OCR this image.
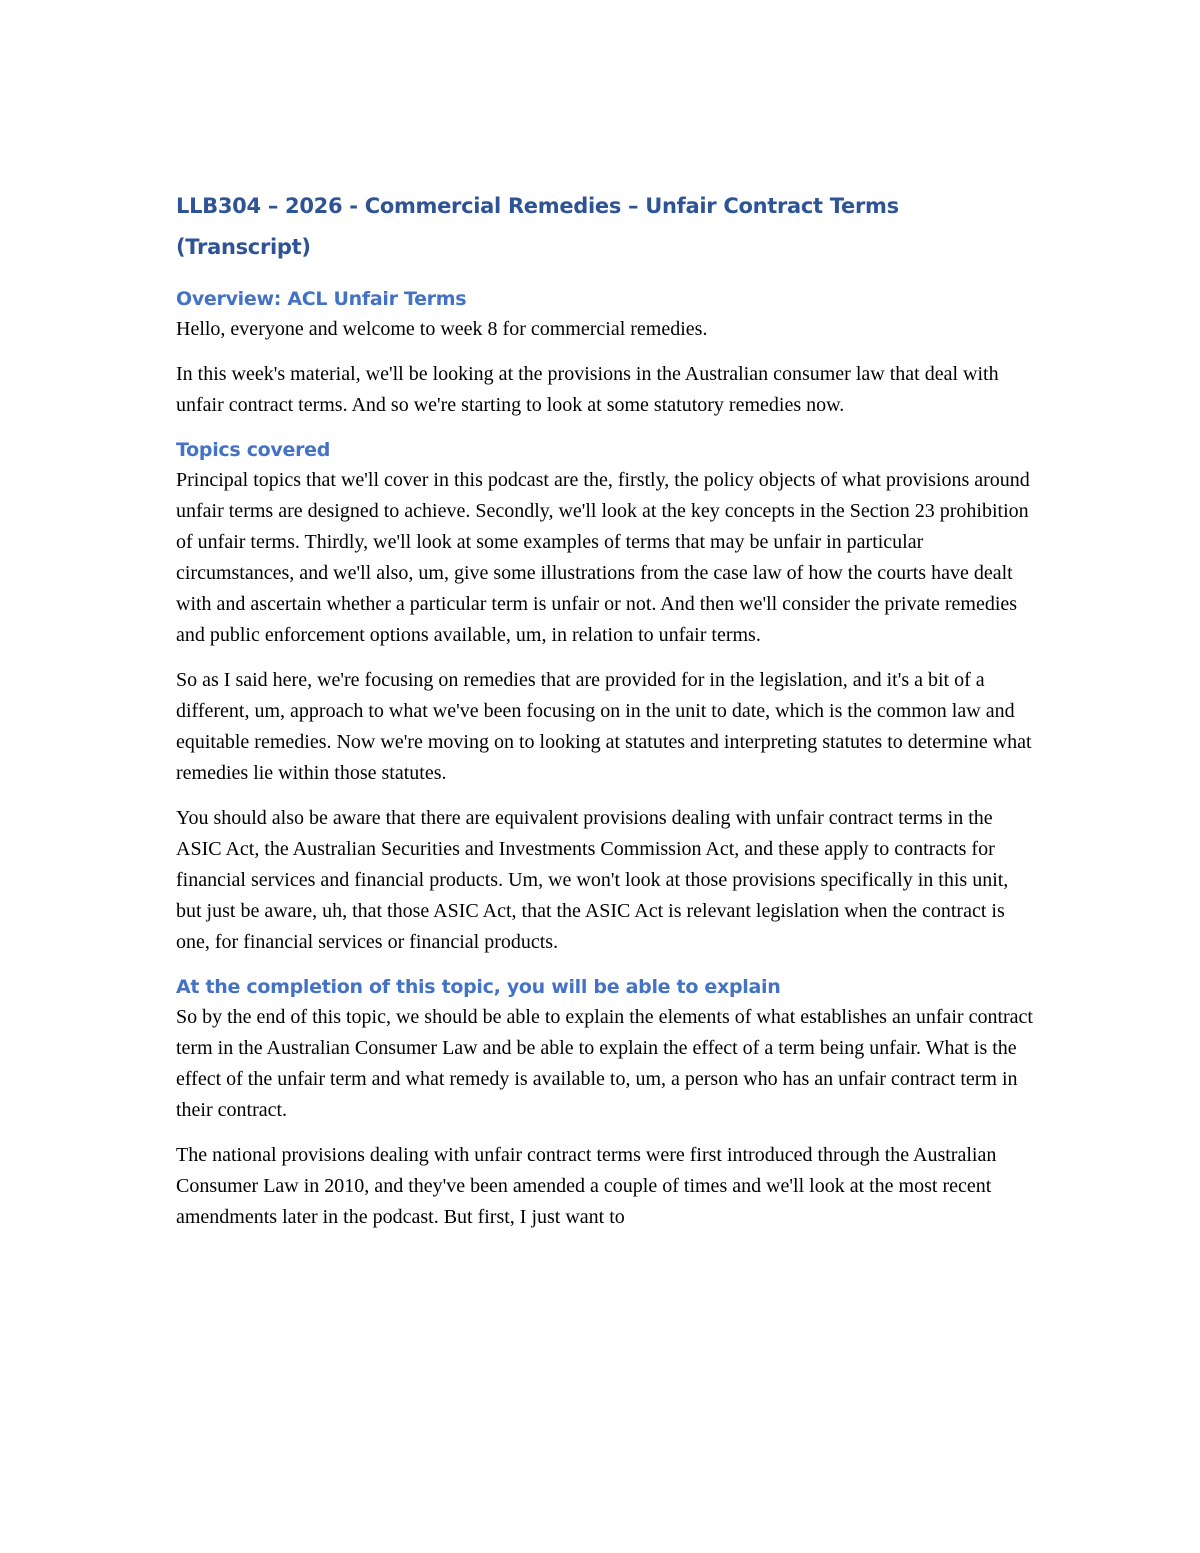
LLB304 – 2026 - Commercial Remedies – Unfair Contract Terms (Transcript)
Overview: ACL Unfair Terms

Hello, everyone and welcome to week 8 for commercial remedies.

In this week's material, we'll be looking at the provisions in the Australian consumer law that deal with unfair contract terms. And so we're starting to look at some statutory remedies now.

Topics covered

Principal topics that we'll cover in this podcast are the, firstly, the policy objects of what provisions around unfair terms are designed to achieve. Secondly, we'll look at the key concepts in the Section 23 prohibition of unfair terms. Thirdly, we'll look at some examples of terms that may be unfair in particular circumstances, and we'll also, um, give some illustrations from the case law of how the courts have dealt with and ascertain whether a particular term is unfair or not. And then we'll consider the private remedies and public enforcement options available, um, in relation to unfair terms.

So as I said here, we're focusing on remedies that are provided for in the legislation, and it's a bit of a different, um, approach to what we've been focusing on in the unit to date, which is the common law and equitable remedies. Now we're moving on to looking at statutes and interpreting statutes to determine what remedies lie within those statutes.

You should also be aware that there are equivalent provisions dealing with unfair contract terms in the ASIC Act, the Australian Securities and Investments Commission Act, and these apply to contracts for financial services and financial products. Um, we won't look at those provisions specifically in this unit, but just be aware, uh, that those ASIC Act, that the ASIC Act is relevant legislation when the contract is one, for financial services or financial products.

At the completion of this topic, you will be able to explain

So by the end of this topic, we should be able to explain the elements of what establishes an unfair contract term in the Australian Consumer Law and be able to explain the effect of a term being unfair. What is the effect of the unfair term and what remedy is available to, um, a person who has an unfair contract term in their contract.

The national provisions dealing with unfair contract terms were first introduced through the Australian Consumer Law in 2010, and they've been amended a couple of times and we'll look at the most recent amendments later in the podcast. But first, I just want to
